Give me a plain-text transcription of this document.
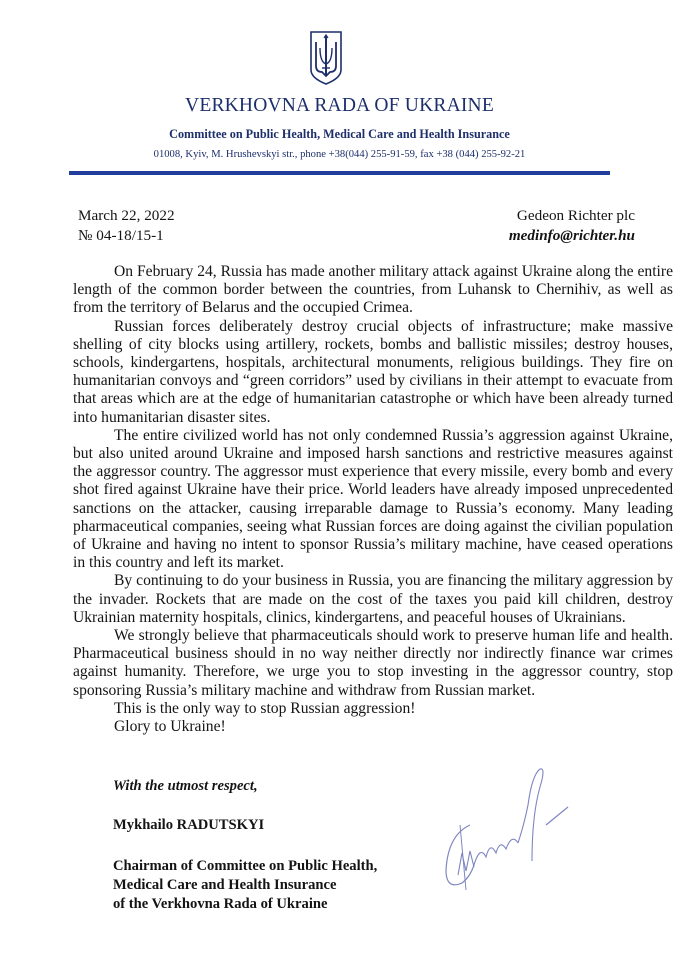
VERKHOVNA RADA OF UKRAINE
Committee on Public Health, Medical Care and Health Insurance
01008, Kyiv, M. Hrushevskyi str., phone +38(044) 255-91-59, fax +38 (044) 255-92-21
March 22, 2022
№ 04-18/15-1
Gedeon Richter plc
medinfo@richter.hu

On February 24, Russia has made another military attack against Ukraine along the entire length of the common border between the countries, from Luhansk to Chernihiv, as well as from the territory of Belarus and the occupied Crimea.

Russian forces deliberately destroy crucial objects of infrastructure; make massive shelling of city blocks using artillery, rockets, bombs and ballistic missiles; destroy houses, schools, kindergartens, hospitals, architectural monuments, religious buildings. They fire on humanitarian convoys and “green corridors” used by civilians in their attempt to evacuate from that areas which are at the edge of humanitarian catastrophe or which have been already turned into humanitarian disaster sites.

The entire civilized world has not only condemned Russia’s aggression against Ukraine, but also united around Ukraine and imposed harsh sanctions and restrictive measures against the aggressor country. The aggressor must experience that every missile, every bomb and every shot fired against Ukraine have their price. World leaders have already imposed unprecedented sanctions on the attacker, causing irreparable damage to Russia’s economy. Many leading pharmaceutical companies, seeing what Russian forces are doing against the civilian population of Ukraine and having no intent to sponsor Russia’s military machine, have ceased operations in this country and left its market.

By continuing to do your business in Russia, you are financing the military aggression by the invader. Rockets that are made on the cost of the taxes you paid kill children, destroy Ukrainian maternity hospitals, clinics, kindergartens, and peaceful houses of Ukrainians.

We strongly believe that pharmaceuticals should work to preserve human life and health. Pharmaceutical business should in no way neither directly nor indirectly finance war crimes against humanity. Therefore, we urge you to stop investing in the aggressor country, stop sponsoring Russia’s military machine and withdraw from Russian market.

This is the only way to stop Russian aggression!

Glory to Ukraine!

With the utmost respect,
Mykhailo RADUTSKYI
Chairman of Committee on Public Health,
Medical Care and Health Insurance
of the Verkhovna Rada of Ukraine
